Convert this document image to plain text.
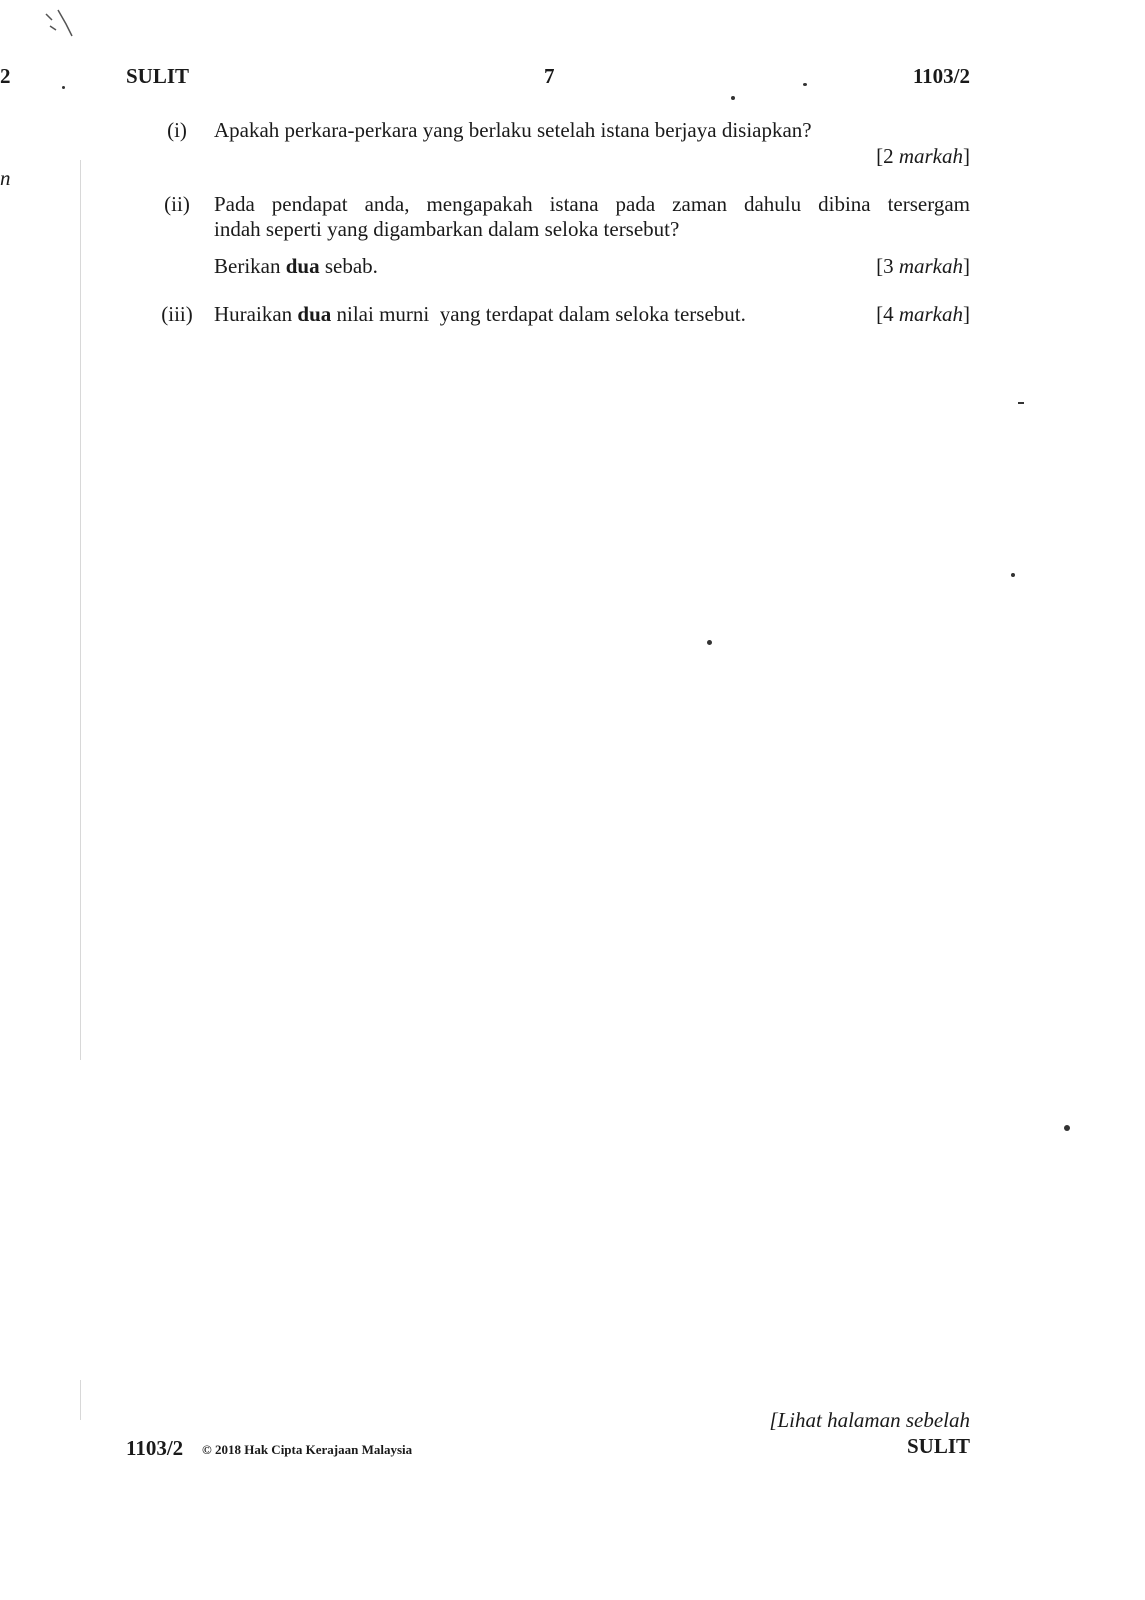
2
n
SULIT	7	1103/2
(i)	Apakah perkara-perkara yang berlaku setelah istana berjaya disiapkan?
[2 markah]
(ii)	Pada pendapat anda, mengapakah istana pada zaman dahulu dibina tersergam
indah seperti yang digambarkan dalam seloka tersebut?
Berikan dua sebab.	[3 markah]
(iii)	Huraikan dua nilai murni  yang terdapat dalam seloka tersebut.	[4 markah]
1103/2 © 2018 Hak Cipta Kerajaan Malaysia
[Lihat halaman sebelah
SULIT
